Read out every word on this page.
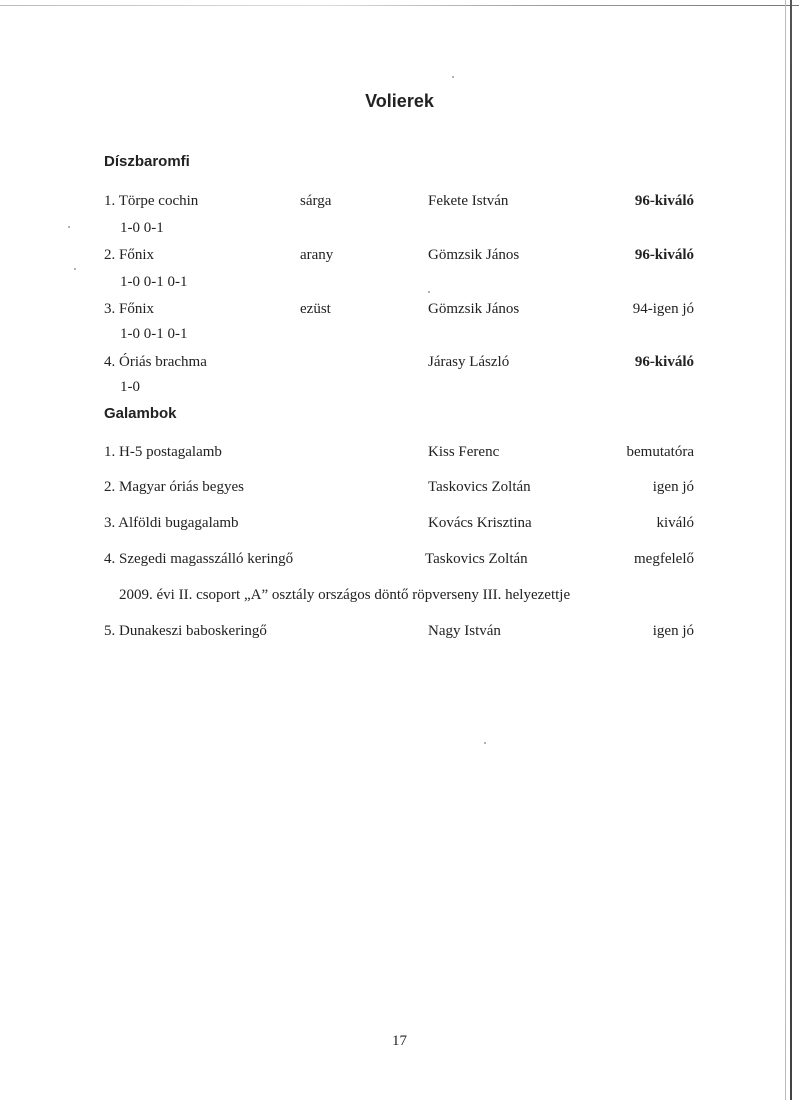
Volierek
Díszbaromfi
1. Törpe cochin	sárga	Fekete István	96-kiváló
1-0 0-1
2. Főnix	arany	Gömzsik János	96-kiváló
1-0 0-1 0-1
3. Főnix	ezüst	Gömzsik János	94-igen jó
1-0 0-1 0-1
4. Óriás brachma	Járasy László	96-kiváló
1-0
Galambok
1. H-5 postagalamb	Kiss Ferenc	bemutatóra
2. Magyar óriás begyes	Taskovics Zoltán	igen jó
3. Alföldi bugagalamb	Kovács Krisztina	kiváló
4. Szegedi magasszálló keringő	Taskovics Zoltán	megfelelő
2009. évi II. csoport „A” osztály országos döntő röpverseny III. helyezettje
5. Dunakeszi baboskeringő	Nagy István	igen jó
17
